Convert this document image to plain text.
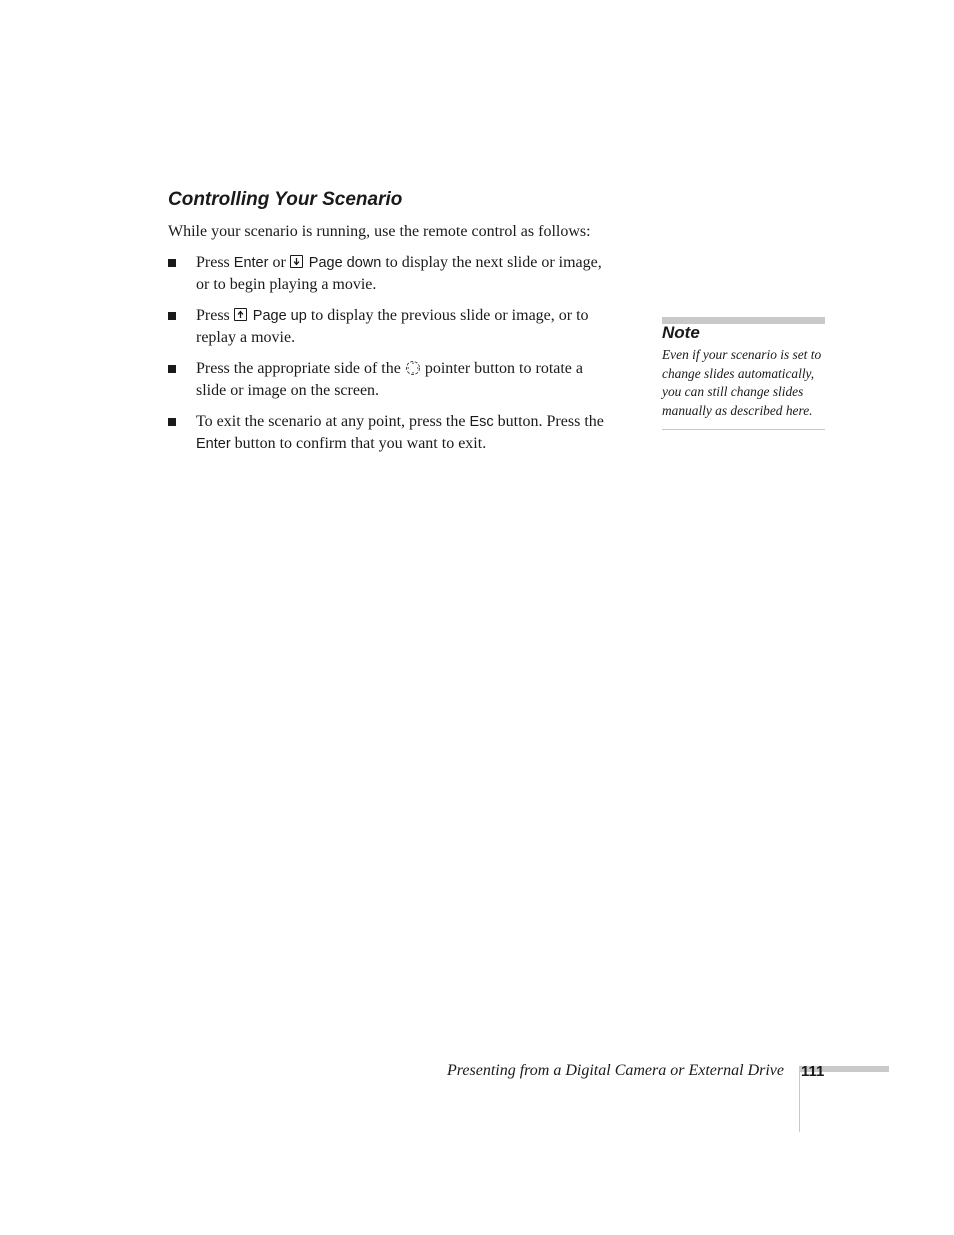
Controlling Your Scenario

While your scenario is running, use the remote control as follows:

Press Enter or Page down to display the next slide or image,
or to begin playing a movie.
Press Page up to display the previous slide or image, or to
replay a movie.
Press the appropriate side of the pointer button to rotate a
slide or image on the screen.
To exit the scenario at any point, press the Esc button. Press the
Enter button to confirm that you want to exit.
Note

Even if your scenario is set to
change slides automatically,
you can still change slides
manually as described here.

Presenting from a Digital Camera or External Drive 111
